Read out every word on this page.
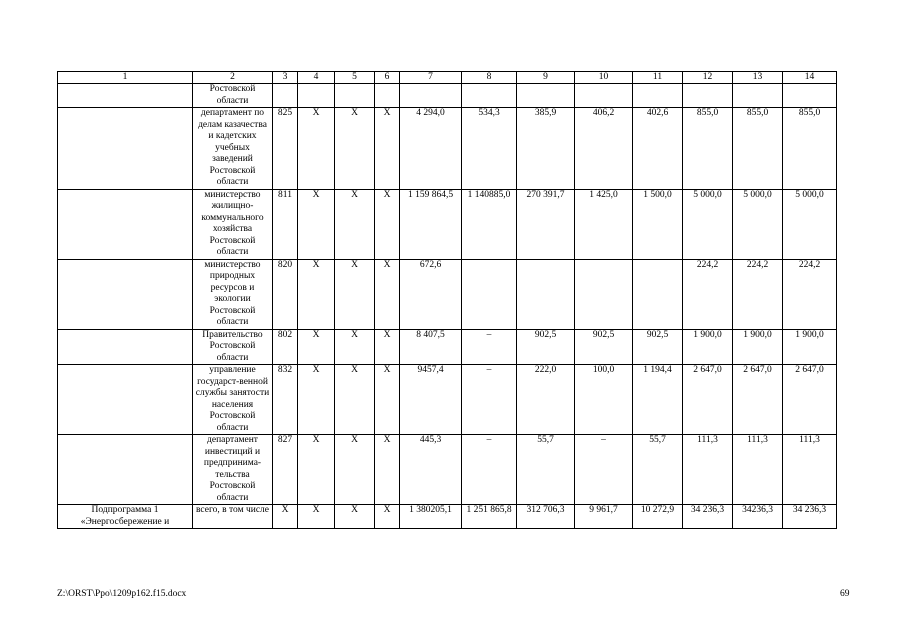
1	2	3	4	5	6	7	8	9	10	11	12	13	14
	Ростовской области												
	департамент по делам казачества и кадетских учебных заведений Ростовской области	825	Х	Х	Х	4 294,0	534,3	385,9	406,2	402,6	855,0	855,0	855,0
	министерство жилищно-коммунального хозяйства Ростовской области	811	Х	Х	Х	1 159 864,5	1 140885,0	270 391,7	1 425,0	1 500,0	5 000,0	5 000,0	5 000,0
	министерство природных ресурсов и экологии Ростовской области	820	Х	Х	Х	672,6					224,2	224,2	224,2
	Правительство Ростовской области	802	Х	Х	Х	8 407,5	–	902,5	902,5	902,5	1 900,0	1 900,0	1 900,0
	управление государст-венной службы занятости населения Ростовской области	832	Х	Х	Х	9457,4	–	222,0	100,0	1 194,4	2 647,0	2 647,0	2 647,0
	департамент инвестиций и предпринима-тельства Ростовской области	827	Х	Х	Х	445,3	–	55,7	–	55,7	111,3	111,3	111,3
Подпрограмма 1 «Энергосбережение и	всего, в том числе	Х	Х	Х	Х	1 380205,1	1 251 865,8	312 706,3	9 961,7	10 272,9	34 236,3	34236,3	34 236,3
Z:\ORST\Ppo\1209p162.f15.docx	69
